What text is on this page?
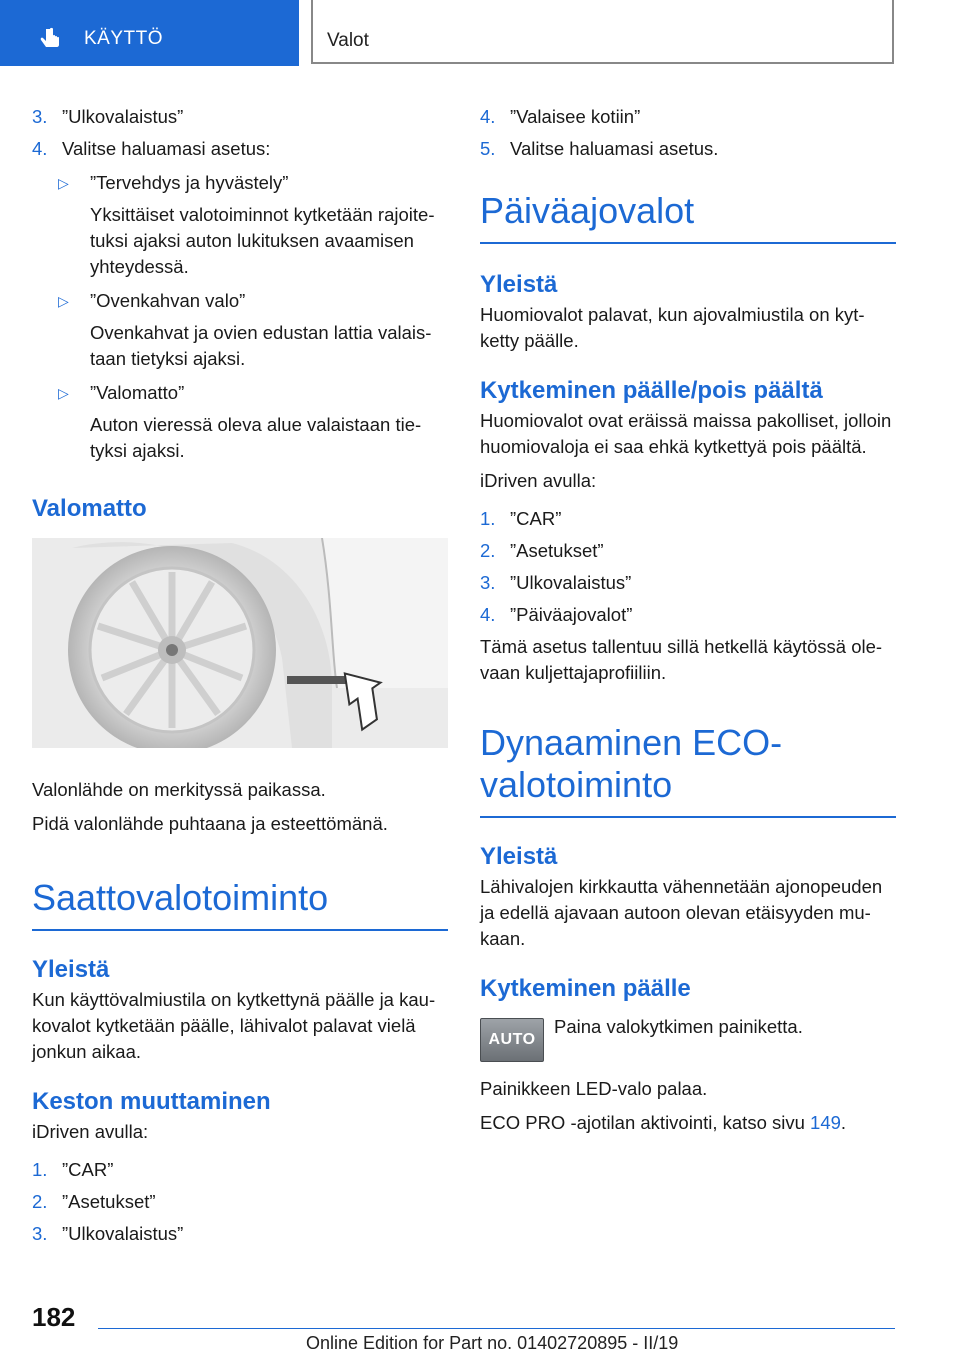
KÄYTTÖ	Valot
3. ”Ulkovalaistus”
4. Valitse haluamasi asetus:
▷	”Tervehdys ja hyvästely”
Yksittäiset valotoiminnot kytketään rajoitetuksi ajaksi auton lukituksen avaamisen yhteydessä.
▷	”Ovenkahvan valo”
Ovenkahvat ja ovien edustan lattia valaistaan tietyksi ajaksi.
▷	”Valomatto”
Auton vieressä oleva alue valaistaan tietyksi ajaksi.
Valomatto

Valonlähde on merkityssä paikassa.

Pidä valonlähde puhtaana ja esteettömänä.

Saattovalotoiminto
Yleistä

Kun käyttövalmiustila on kytkettynä päälle ja kaukovalot kytketään päälle, lähivalot palavat vielä jonkun aikaa.

Keston muuttaminen

iDriven avulla:

1. ”CAR”
2. ”Asetukset”
3. ”Ulkovalaistus”
4. ”Valaisee kotiin”
5. Valitse haluamasi asetus.
Päiväajovalot
Yleistä

Huomiovalot palavat, kun ajovalmiustila on kytketty päälle.

Kytkeminen päälle/pois päältä

Huomiovalot ovat eräissä maissa pakolliset, jolloin huomiovaloja ei saa ehkä kytkettyä pois päältä.

iDriven avulla:

1. ”CAR”
2. ”Asetukset”
3. ”Ulkovalaistus”
4. ”Päiväajovalot”

Tämä asetus tallentuu sillä hetkellä käytössä olevaan kuljettajaprofiiliin.

Dynaaminen ECO-
valotoiminto
Yleistä

Lähivalojen kirkkautta vähennetään ajonopeuden ja edellä ajavaan autoon olevan etäisyyden mukaan.

Kytkeminen päälle
AUTO
Paina valokytkimen painiketta.

Painikkeen LED-valo palaa.

ECO PRO -ajotilan aktivointi, katso sivu 149.

182
Online Edition for Part no. 01402720895 - II/19
